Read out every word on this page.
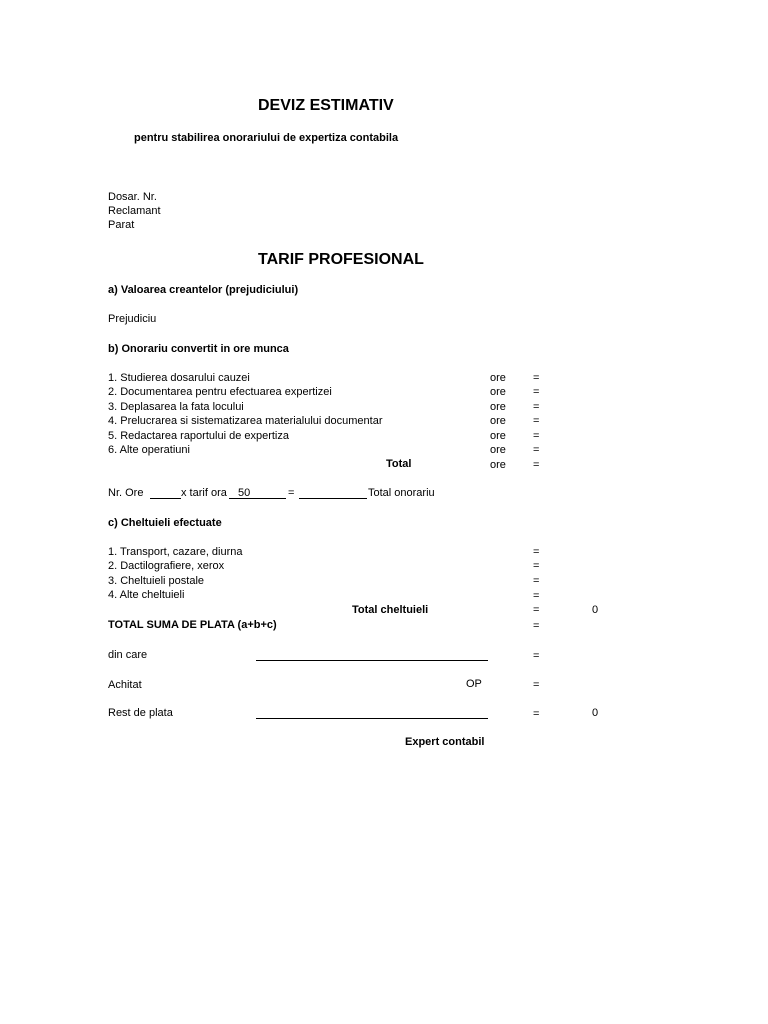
DEVIZ ESTIMATIV
pentru stabilirea onorariului de expertiza contabila
Dosar. Nr.
Reclamant
Parat
TARIF PROFESIONAL
a) Valoarea creantelor (prejudiciului)
Prejudiciu
b) Onorariu convertit in ore munca
1. Studierea dosarului cauzei	ore =
2. Documentarea pentru efectuarea expertizei	ore =
3. Deplasarea la fata locului	ore =
4. Prelucrarea si sistematizarea materialului documentar	ore =
5. Redactarea raportului de expertiza	ore =
6. Alte operatiuni	ore =
Total	ore =
Nr. Ore	x tarif ora 50	=	Total onorariu
c) Cheltuieli efectuate
1. Transport, cazare, diurna	=
2. Dactilografiere, xerox	=
3. Cheltuieli postale	=
4. Alte cheltuieli	=
Total cheltuieli	=	0
TOTAL SUMA DE PLATA (a+b+c)	=
din care	=
Achitat	OP	=
Rest de plata	=	0
Expert contabil
